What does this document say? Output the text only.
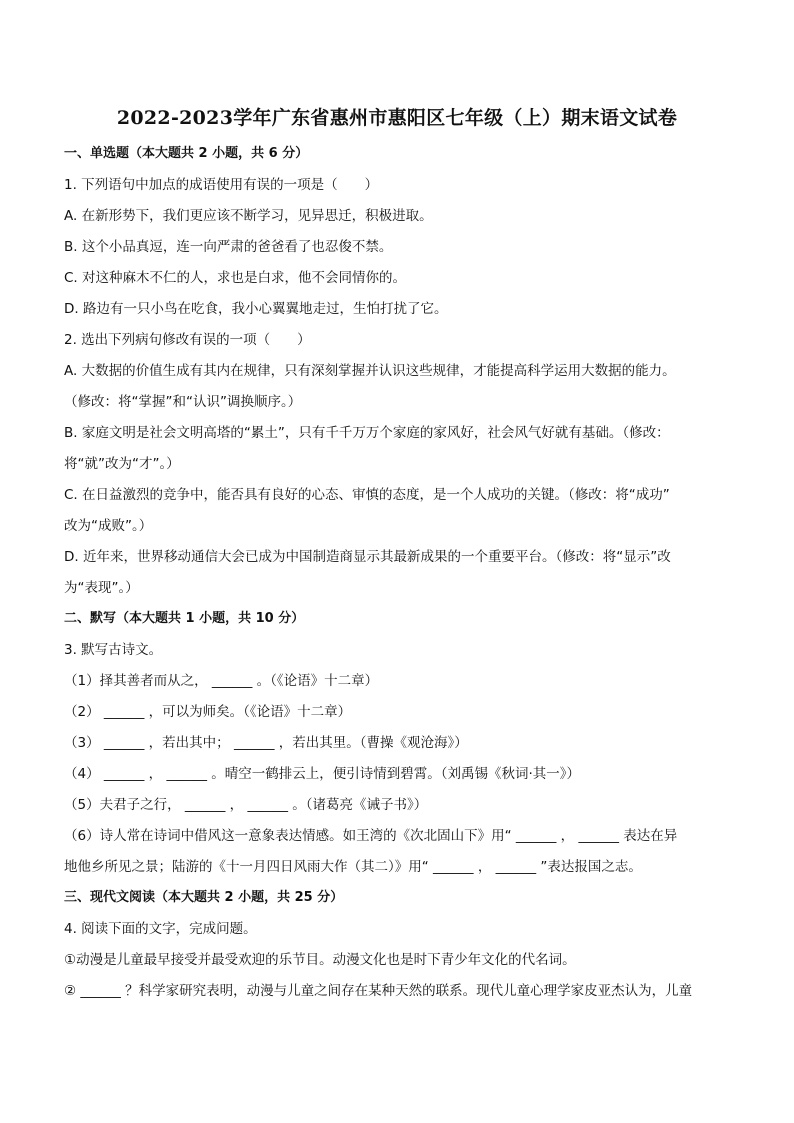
2022-2023学年广东省惠州市惠阳区七年级（上）期末语文试卷
一、单选题（本大题共 2 小题，共 6 分）
1. 下列语句中加点的成语使用有误的一项是（　　）
A. 在新形势下，我们更应该不断学习，见异思迁，积极进取。
B. 这个小品真逗，连一向严肃的爸爸看了也忍俊不禁。
C. 对这种麻木不仁的人，求也是白求，他不会同情你的。
D. 路边有一只小鸟在吃食，我小心翼翼地走过，生怕打扰了它。
2. 选出下列病句修改有误的一项（　　）
A. 大数据的价值生成有其内在规律，只有深刻掌握并认识这些规律，才能提高科学运用大数据的能力。
（修改：将“掌握”和“认识”调换顺序。）
B. 家庭文明是社会文明高塔的“累土”，只有千千万万个家庭的家风好，社会风气好就有基础。（修改：
将“就”改为“才”。）
C. 在日益激烈的竞争中，能否具有良好的心态、审慎的态度，是一个人成功的关键。（修改：将“成功”
改为“成败”。）
D. 近年来，世界移动通信大会已成为中国制造商显示其最新成果的一个重要平台。（修改：将“显示”改
为“表现”。）
二、默写（本大题共 1 小题，共 10 分）
3. 默写古诗文。
（1）择其善者而从之， ______ 。（《论语》十二章）
（2） ______ ，可以为师矣。（《论语》十二章）
（3） ______ ，若出其中； ______ ，若出其里。（曹操《观沧海》）
（4） ______ ， ______ 。晴空一鹤排云上，便引诗情到碧霄。（刘禹锡《秋词·其一》）
（5）夫君子之行， ______ ， ______ 。（诸葛亮《诫子书》）
（6）诗人常在诗词中借风这一意象表达情感。如王湾的《次北固山下》用“ ______ ， ______ 表达在异
地他乡所见之景；陆游的《十一月四日风雨大作（其二）》用“ ______ ， ______ ”表达报国之志。
三、现代文阅读（本大题共 2 小题，共 25 分）
4. 阅读下面的文字，完成问题。
①动漫是儿童最早接受并最受欢迎的乐节目。动漫文化也是时下青少年文化的代名词。
② ______ ？科学家研究表明，动漫与儿童之间存在某种天然的联系。现代儿童心理学家皮亚杰认为，儿童
